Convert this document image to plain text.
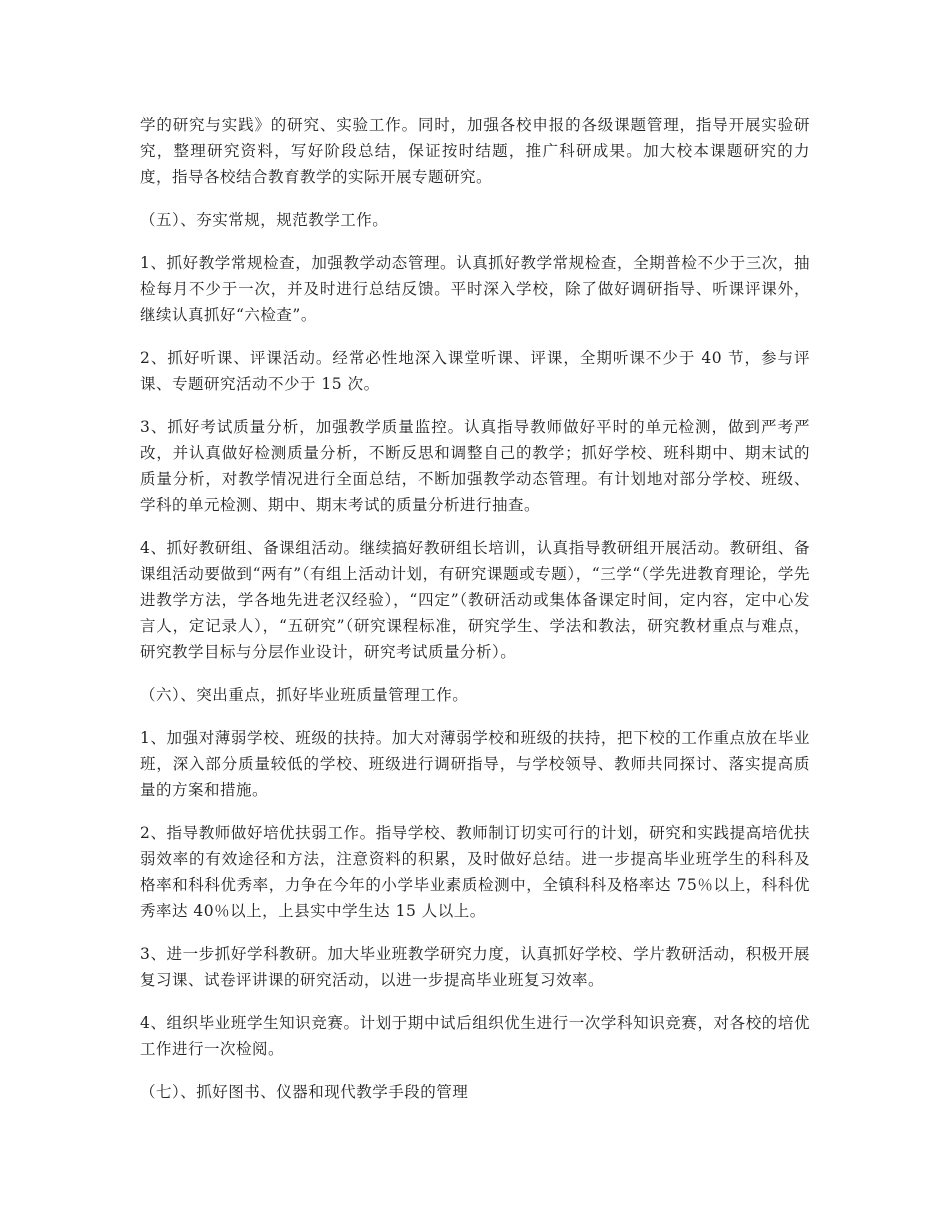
学的研究与实践》的研究、实验工作。同时，加强各校申报的各级课题管理，指导开展实验研究，整理研究资料，写好阶段总结，保证按时结题，推广科研成果。加大校本课题研究的力度，指导各校结合教育教学的实际开展专题研究。

（五）、夯实常规，规范教学工作。

1、抓好教学常规检查，加强教学动态管理。认真抓好教学常规检查，全期普检不少于三次，抽检每月不少于一次，并及时进行总结反馈。平时深入学校，除了做好调研指导、听课评课外，继续认真抓好“六检查”。

2、抓好听课、评课活动。经常必性地深入课堂听课、评课，全期听课不少于 40 节，参与评课、专题研究活动不少于 15 次。

3、抓好考试质量分析，加强教学质量监控。认真指导教师做好平时的单元检测，做到严考严改，并认真做好检测质量分析，不断反思和调整自己的教学；抓好学校、班科期中、期末试的质量分析，对教学情况进行全面总结，不断加强教学动态管理。有计划地对部分学校、班级、学科的单元检测、期中、期末考试的质量分析进行抽查。

4、抓好教研组、备课组活动。继续搞好教研组长培训，认真指导教研组开展活动。教研组、备课组活动要做到“两有”（有组上活动计划，有研究课题或专题），“三学“（学先进教育理论，学先进教学方法，学各地先进老汉经验），“四定”（教研活动或集体备课定时间，定内容，定中心发言人，定记录人），“五研究”（研究课程标准，研究学生、学法和教法，研究教材重点与难点，研究教学目标与分层作业设计，研究考试质量分析）。

（六）、突出重点，抓好毕业班质量管理工作。

1、加强对薄弱学校、班级的扶持。加大对薄弱学校和班级的扶持，把下校的工作重点放在毕业班，深入部分质量较低的学校、班级进行调研指导，与学校领导、教师共同探讨、落实提高质量的方案和措施。

2、指导教师做好培优扶弱工作。指导学校、教师制订切实可行的计划，研究和实践提高培优扶弱效率的有效途径和方法，注意资料的积累，及时做好总结。进一步提高毕业班学生的科科及格率和科科优秀率，力争在今年的小学毕业素质检测中，全镇科科及格率达 75％以上，科科优秀率达 40％以上，上县实中学生达 15 人以上。

3、进一步抓好学科教研。加大毕业班教学研究力度，认真抓好学校、学片教研活动，积极开展复习课、试卷评讲课的研究活动，以进一步提高毕业班复习效率。

4、组织毕业班学生知识竞赛。计划于期中试后组织优生进行一次学科知识竞赛，对各校的培优工作进行一次检阅。

（七）、抓好图书、仪器和现代教学手段的管理
